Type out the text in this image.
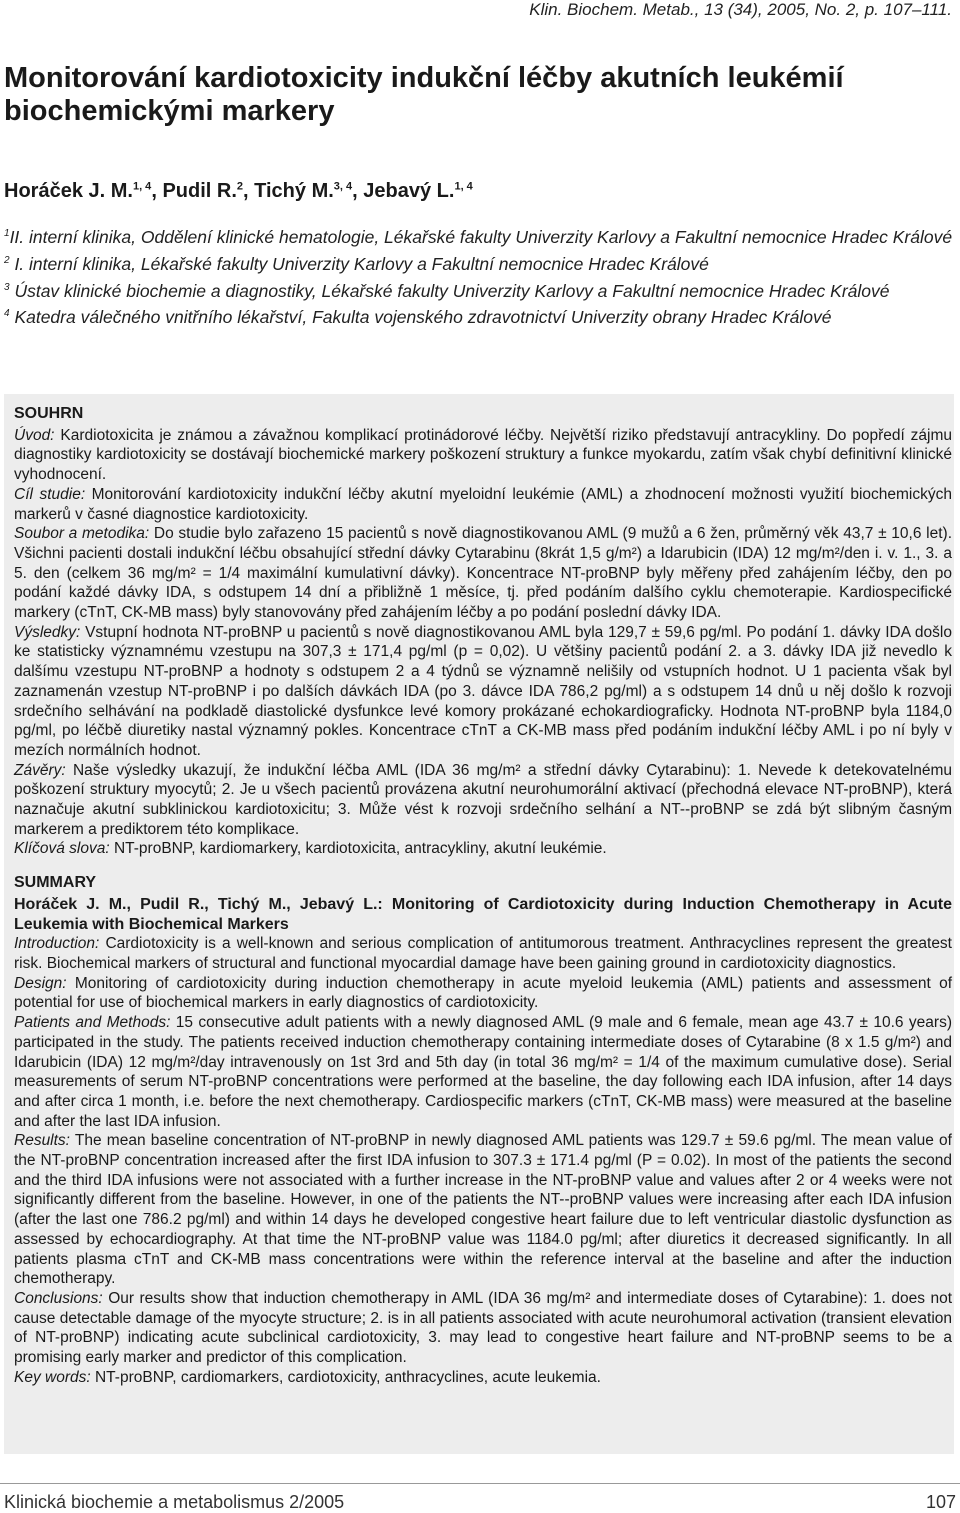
Klin. Biochem. Metab., 13 (34), 2005, No. 2, p. 107–111.
Monitorování kardiotoxicity indukční léčby akutních leukémií biochemickými markery
Horáček J. M.$^{1, 4}$, Pudil R.$^2$, Tichý M.$^{3, 4}$, Jebavý L.$^{1, 4}$

$^1$II. interní klinika, Oddělení klinické hematologie, Lékařské fakulty Univerzity Karlovy a Fakultní nemocnice Hradec Králové

$^2$ I. interní klinika, Lékařské fakulty Univerzity Karlovy a Fakultní nemocnice Hradec Králové

$^3$ Ústav klinické biochemie a diagnostiky, Lékařské fakulty Univerzity Karlovy a Fakultní nemocnice Hradec Králové

$^4$ Katedra válečného vnitřního lékařství, Fakulta vojenského zdravotnictví Univerzity obrany Hradec Králové

SOUHRN

Úvod: Kardiotoxicita je známou a závažnou komplikací protinádorové léčby. Největší riziko představují antracykliny. Do popředí zájmu diagnostiky kardiotoxicity se dostávají biochemické markery poškození struktury a funkce myokardu, zatím však chybí definitivní klinické vyhodnocení.

Cíl studie: Monitorování kardiotoxicity indukční léčby akutní myeloidní leukémie (AML) a zhodnocení možnosti využití biochemických markerů v časné diagnostice kardiotoxicity.

Soubor a metodika: Do studie bylo zařazeno 15 pacientů s nově diagnostikovanou AML (9 mužů a 6 žen, průměrný věk 43,7 ± 10,6 let). Všichni pacienti dostali indukční léčbu obsahující střední dávky Cytarabinu (8krát 1,5 g/m²) a Idarubicin (IDA) 12 mg/m²/den i. v. 1., 3. a 5. den (celkem 36 mg/m² = 1/4 maximální kumulativní dávky). Koncentrace NT-proBNP byly měřeny před zahájením léčby, den po podání každé dávky IDA, s odstupem 14 dní a přibližně 1 měsíce, tj. před podáním dalšího cyklu chemoterapie. Kardiospecifické markery (cTnT, CK-MB mass) byly stanovovány před zahájením léčby a po podání poslední dávky IDA.

Výsledky: Vstupní hodnota NT-proBNP u pacientů s nově diagnostikovanou AML byla 129,7 ± 59,6 pg/ml. Po podání 1. dávky IDA došlo ke statisticky významnému vzestupu na 307,3 ± 171,4 pg/ml (p = 0,02). U většiny pacientů podání 2. a 3. dávky IDA již nevedlo k dalšímu vzestupu NT-proBNP a hodnoty s odstupem 2 a 4 týdnů se významně nelišily od vstupních hodnot. U 1 pacienta však byl zaznamenán vzestup NT-proBNP i po dalších dávkách IDA (po 3. dávce IDA 786,2 pg/ml) a s odstupem 14 dnů u něj došlo k rozvoji srdečního selhávání na podkladě diastolické dysfunkce levé komory prokázané echokardiograficky. Hodnota NT-proBNP byla 1184,0 pg/ml, po léčbě diuretiky nastal významný pokles. Koncentrace cTnT a CK-MB mass před podáním indukční léčby AML i po ní byly v mezích normálních hodnot.

Závěry: Naše výsledky ukazují, že indukční léčba AML (IDA 36 mg/m² a střední dávky Cytarabinu): 1. Nevede k detekovatelnému poškození struktury myocytů; 2. Je u všech pacientů provázena akutní neurohumorální aktivací (přechodná elevace NT-proBNP), která naznačuje akutní subklinickou kardiotoxicitu; 3. Může vést k rozvoji srdečního selhání a NT--proBNP se zdá být slibným časným markerem a prediktorem této komplikace.

Klíčová slova: NT-proBNP, kardiomarkery, kardiotoxicita, antracykliny, akutní leukémie.

SUMMARY

Horáček J. M., Pudil R., Tichý M., Jebavý L.: Monitoring of Cardiotoxicity during Induction Chemotherapy in Acute Leukemia with Biochemical Markers

Introduction: Cardiotoxicity is a well-known and serious complication of antitumorous treatment. Anthracyclines represent the greatest risk. Biochemical markers of structural and functional myocardial damage have been gaining ground in cardiotoxicity diagnostics.

Design: Monitoring of cardiotoxicity during induction chemotherapy in acute myeloid leukemia (AML) patients and assessment of potential for use of biochemical markers in early diagnostics of cardiotoxicity.

Patients and Methods: 15 consecutive adult patients with a newly diagnosed AML (9 male and 6 female, mean age 43.7 ± 10.6 years) participated in the study. The patients received induction chemotherapy containing intermediate doses of Cytarabine (8 x 1.5 g/m²) and Idarubicin (IDA) 12 mg/m²/day intravenously on 1st 3rd and 5th day (in total 36 mg/m² = 1/4 of the maximum cumulative dose). Serial measurements of serum NT-proBNP concentrations were performed at the baseline, the day following each IDA infusion, after 14 days and after circa 1 month, i.e. before the next chemotherapy. Cardiospecific markers (cTnT, CK-MB mass) were measured at the baseline and after the last IDA infusion.

Results: The mean baseline concentration of NT-proBNP in newly diagnosed AML patients was 129.7 ± 59.6 pg/ml. The mean value of the NT-proBNP concentration increased after the first IDA infusion to 307.3 ± 171.4 pg/ml (P = 0.02). In most of the patients the second and the third IDA infusions were not associated with a further increase in the NT-proBNP value and values after 2 or 4 weeks were not significantly different from the baseline. However, in one of the patients the NT--proBNP values were increasing after each IDA infusion (after the last one 786.2 pg/ml) and within 14 days he developed congestive heart failure due to left ventricular diastolic dysfunction as assessed by echocardiography. At that time the NT-proBNP value was 1184.0 pg/ml; after diuretics it decreased significantly. In all patients plasma cTnT and CK-MB mass concentrations were within the reference interval at the baseline and after the induction chemotherapy.

Conclusions: Our results show that induction chemotherapy in AML (IDA 36 mg/m² and intermediate doses of Cytarabine): 1. does not cause detectable damage of the myocyte structure; 2. is in all patients associated with acute neurohumoral activation (transient elevation of NT-proBNP) indicating acute subclinical cardiotoxicity, 3. may lead to congestive heart failure and NT-proBNP seems to be a promising early marker and predictor of this complication.

Key words: NT-proBNP, cardiomarkers, cardiotoxicity, anthracyclines, acute leukemia.

Klinická biochemie a metabolismus 2/2005	107
